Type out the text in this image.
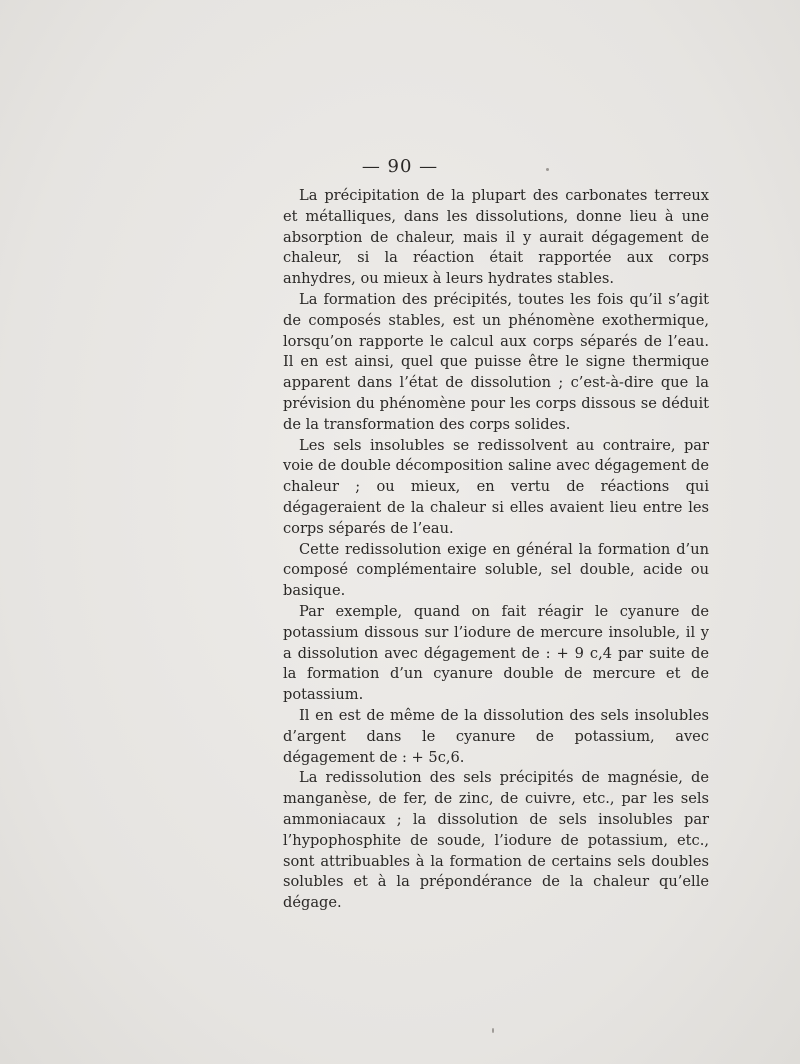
— 90 —

La précipitation de la plupart des carbonates terreux et métalliques, dans les dissolutions, donne lieu à une absorption de chaleur, mais il y aurait dégagement de chaleur, si la réaction était rapportée aux corps anhydres, ou mieux à leurs hydrates stables.

La formation des précipités, toutes les fois qu’il s’agit de composés stables, est un phénomène exothermique, lorsqu’on rapporte le calcul aux corps séparés de l’eau. Il en est ainsi, quel que puisse être le signe thermique apparent dans l’état de dissolution ; c’est-à-dire que la prévision du phénomène pour les corps dissous se déduit de la transformation des corps solides.

Les sels insolubles se redissolvent au contraire, par voie de double décomposition saline avec dégagement de chaleur ; ou mieux, en vertu de réactions qui dégageraient de la chaleur si elles avaient lieu entre les corps séparés de l’eau.

Cette redissolution exige en général la formation d’un composé complémentaire soluble, sel double, acide ou basique.

Par exemple, quand on fait réagir le cyanure de potassium dissous sur l’iodure de mercure insoluble, il y a dissolution avec dégagement de : + 9 c,4 par suite de la formation d’un cyanure double de mercure et de potassium.

Il en est de même de la dissolution des sels insolubles d’argent dans le cyanure de potassium, avec dégagement de : + 5c,6.

La redissolution des sels précipités de magnésie, de manganèse, de fer, de zinc, de cuivre, etc., par les sels ammoniacaux ; la dissolution de sels insolubles par l’hypophosphite de soude, l’iodure de potassium, etc., sont attribuables à la formation de certains sels doubles solubles et à la prépondérance de la chaleur qu’elle dégage.
